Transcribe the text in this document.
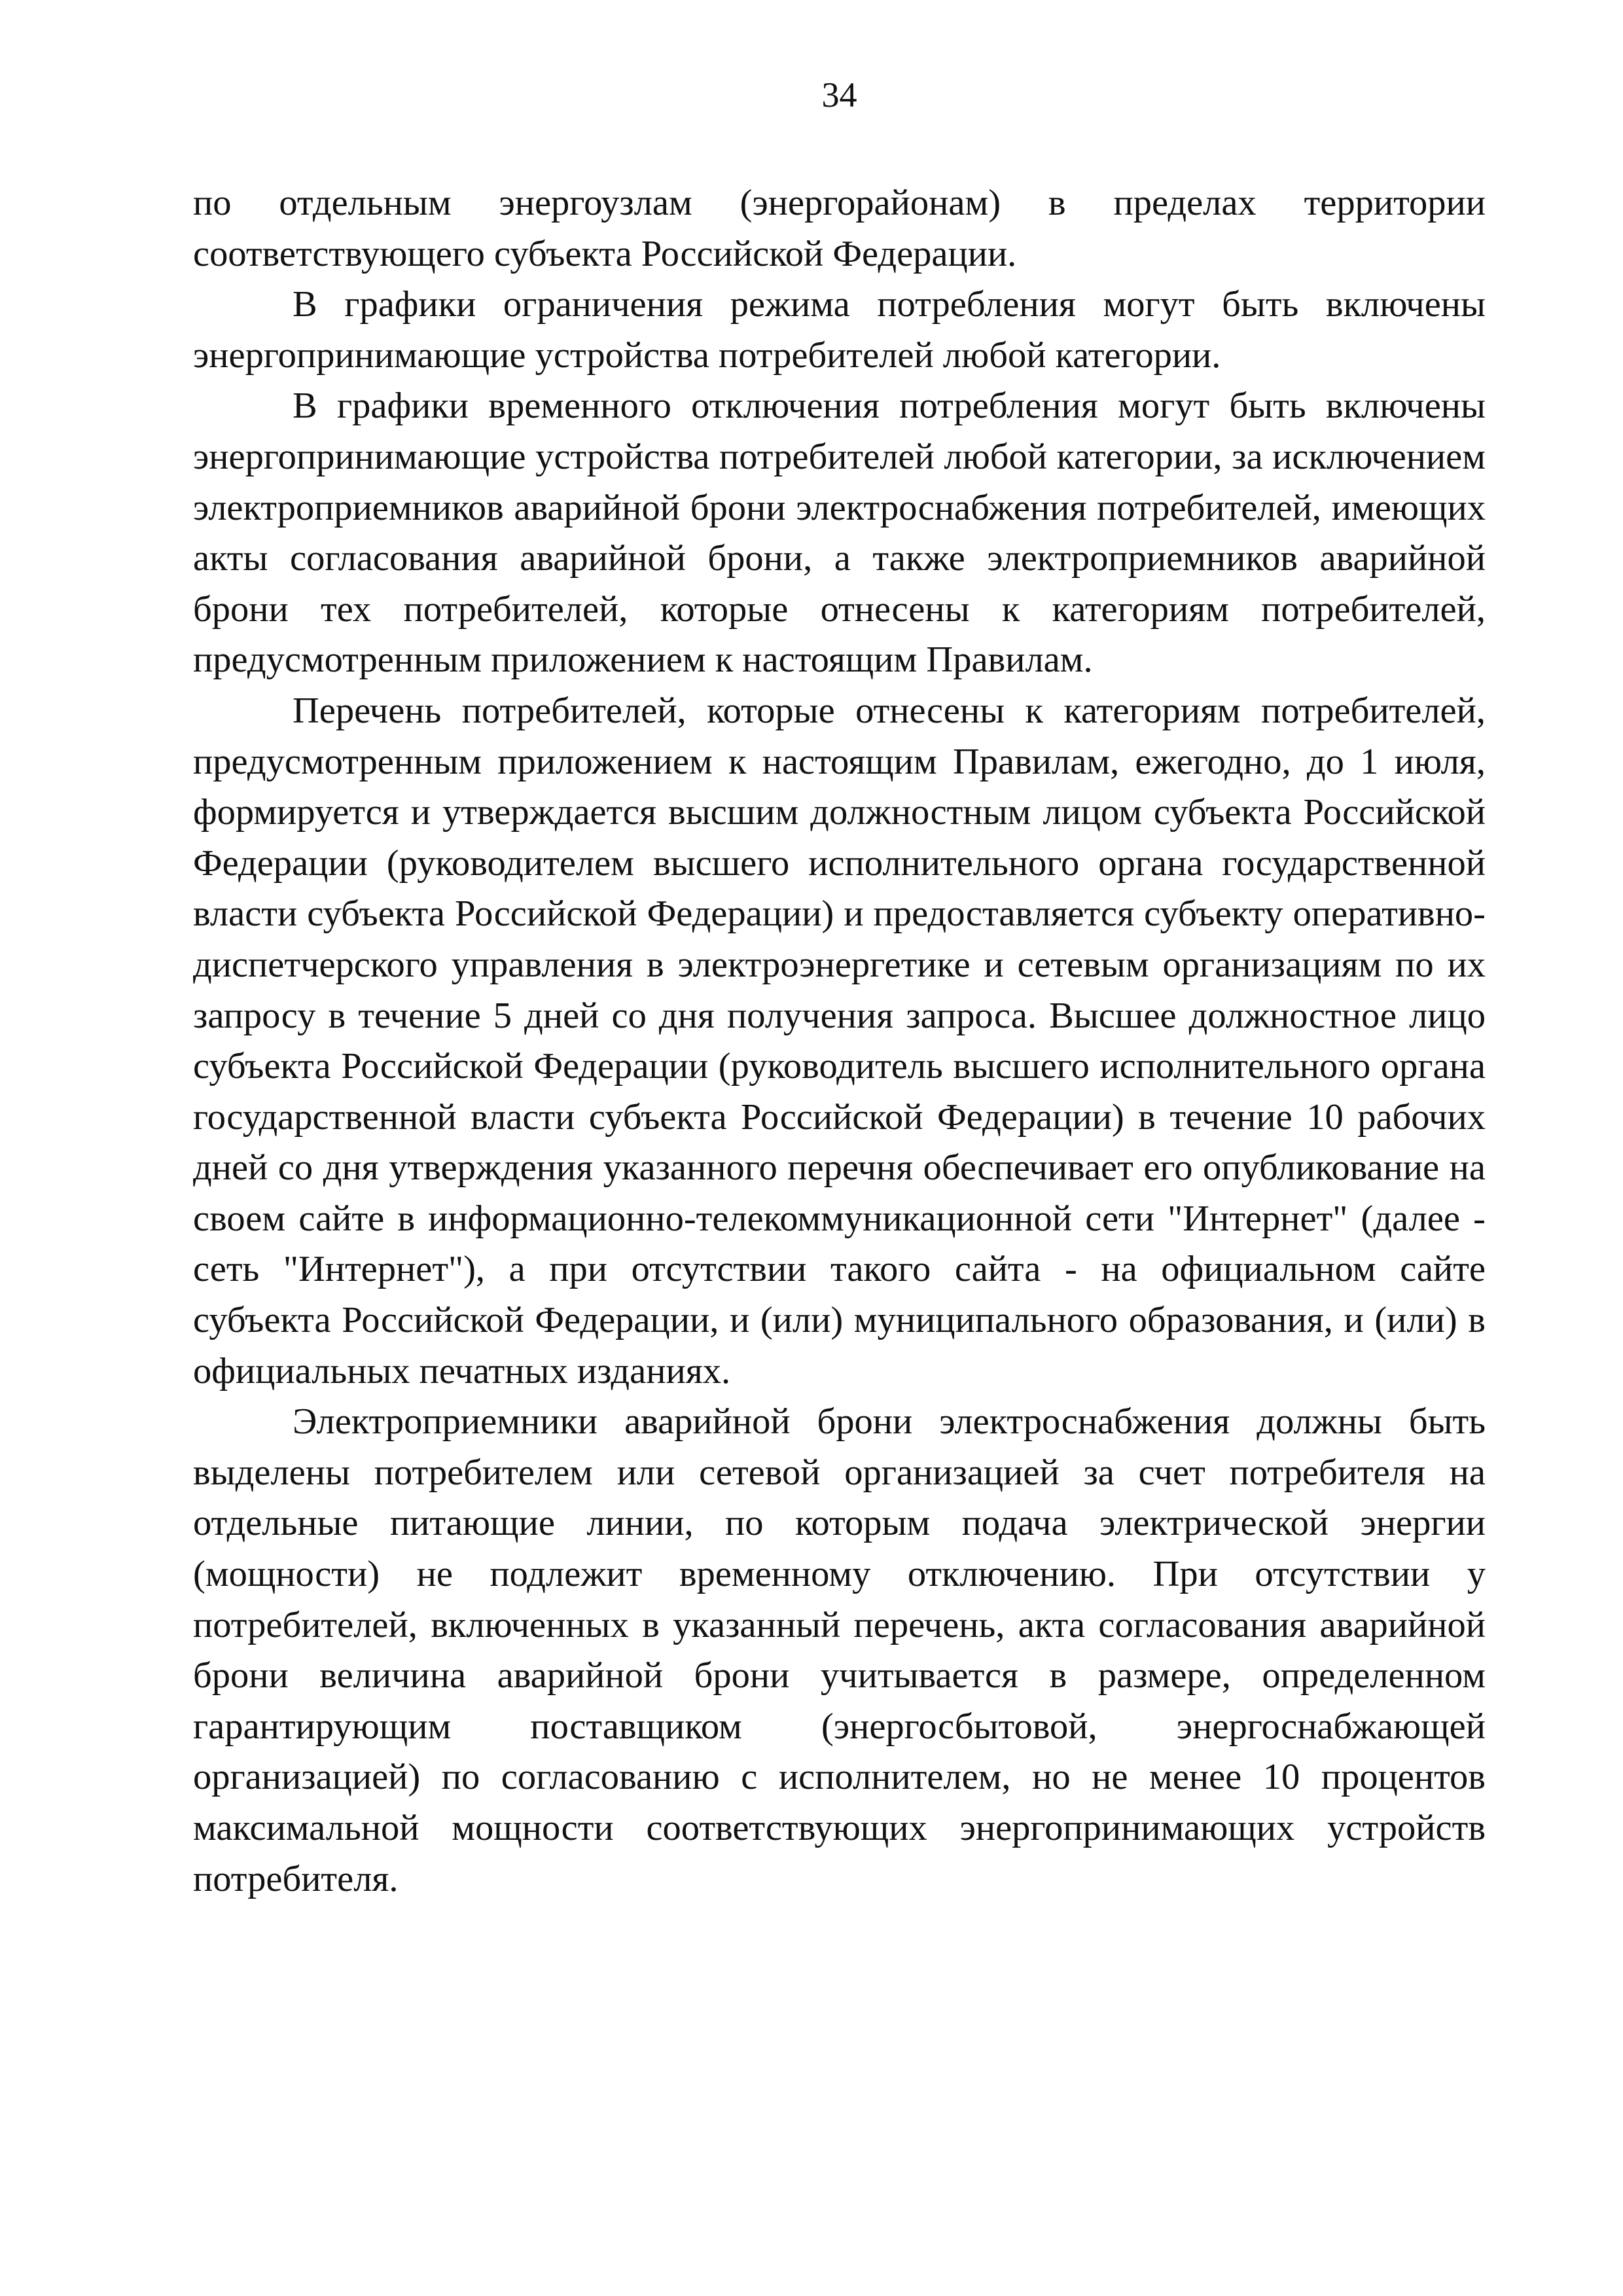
34

по отдельным энергоузлам (энергорайонам) в пределах территории соответствующего субъекта Российской Федерации.

В графики ограничения режима потребления могут быть включены энергопринимающие устройства потребителей любой категории.

В графики временного отключения потребления могут быть включены энергопринимающие устройства потребителей любой категории, за исключением электроприемников аварийной брони электроснабжения потребителей, имеющих акты согласования аварийной брони, а также электроприемников аварийной брони тех потребителей, которые отнесены к категориям потребителей, предусмотренным приложением к настоящим Правилам.

Перечень потребителей, которые отнесены к категориям потребителей, предусмотренным приложением к настоящим Правилам, ежегодно, до 1 июля, формируется и утверждается высшим должностным лицом субъекта Российской Федерации (руководителем высшего исполнительного органа государственной власти субъекта Российской Федерации) и предоставляется субъекту оперативно-диспетчерского управления в электроэнергетике и сетевым организациям по их запросу в течение 5 дней со дня получения запроса. Высшее должностное лицо субъекта Российской Федерации (руководитель высшего исполнительного органа государственной власти субъекта Российской Федерации) в течение 10 рабочих дней со дня утверждения указанного перечня обеспечивает его опубликование на своем сайте в информационно-телекоммуникационной сети "Интернет" (далее - сеть "Интернет"), а при отсутствии такого сайта - на официальном сайте субъекта Российской Федерации, и (или) муниципального образования, и (или) в официальных печатных изданиях.

Электроприемники аварийной брони электроснабжения должны быть выделены потребителем или сетевой организацией за счет потребителя на отдельные питающие линии, по которым подача электрической энергии (мощности) не подлежит временному отключению. При отсутствии у потребителей, включенных в указанный перечень, акта согласования аварийной брони величина аварийной брони учитывается в размере, определенном гарантирующим поставщиком (энергосбытовой, энергоснабжающей организацией) по согласованию с исполнителем, но не менее 10 процентов максимальной мощности соответствующих энергопринимающих устройств потребителя.
